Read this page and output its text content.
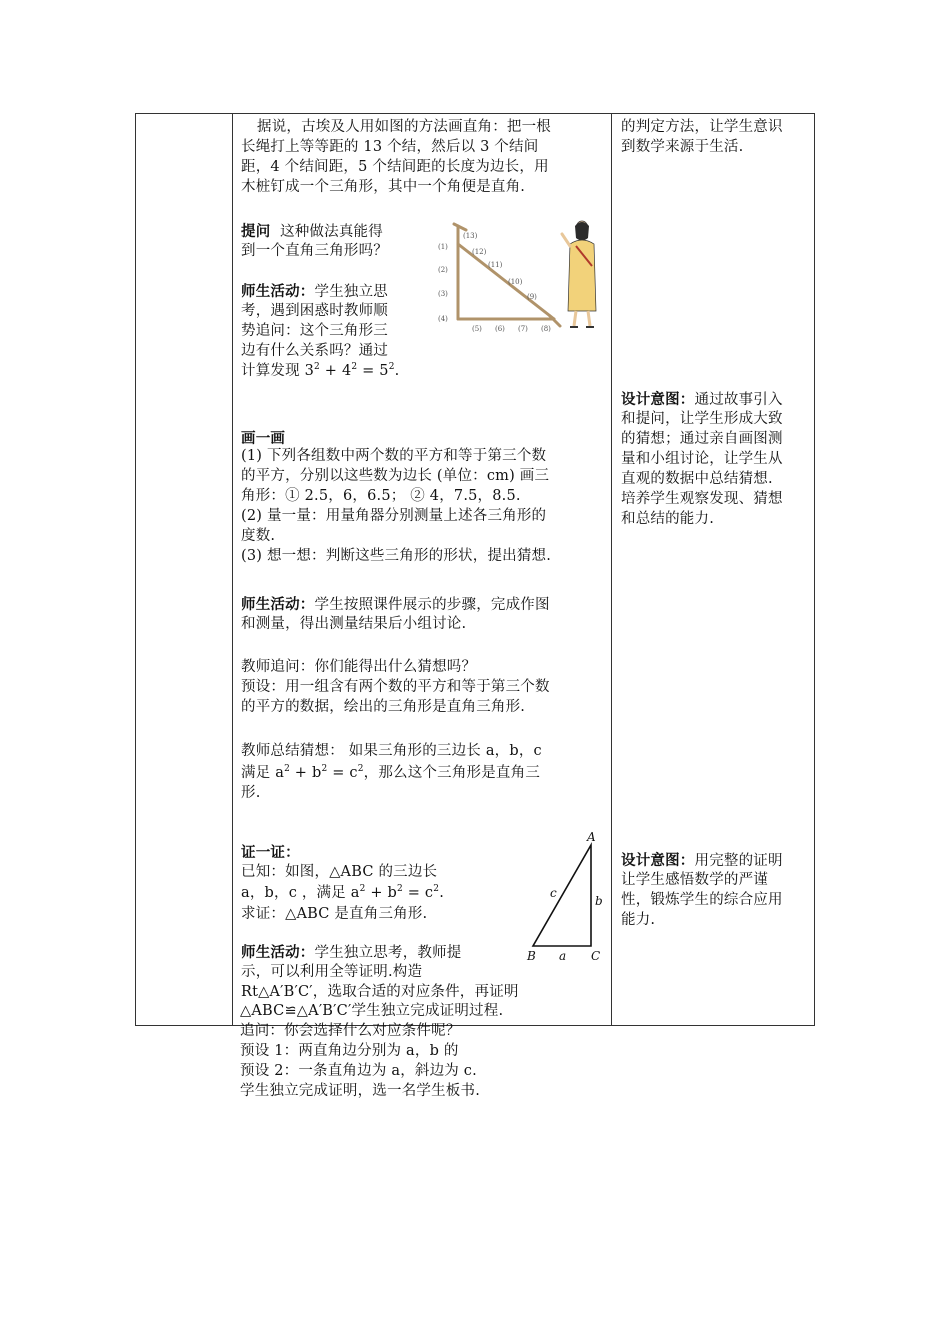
据说，古埃及人用如图的方法画直角：把一根
长绳打上等等距的 13 个结，然后以 3 个结间
距，4 个结间距，5 个结间距的长度为边长，用
木桩钉成一个三角形，其中一个角便是直角.
提问 这种做法真能得
到一个直角三角形吗？
师生活动：学生独立思
考，遇到困惑时教师顺
势追问：这个三角形三
边有什么关系吗？通过
计算发现 $3^2 + 4^2 = 5^2$.
(1)
(2)
(3)
(4)
(5) (6) (7) (8)
(13)
(12)
(11)
(10)
(9)
画一画
(1) 下列各组数中两个数的平方和等于第三个数
的平方，分别以这些数为边长 (单位：cm) 画三
角形：① 2.5，6，6.5； ② 4，7.5，8.5.
(2) 量一量：用量角器分别测量上述各三角形的
度数.
(3) 想一想：判断这些三角形的形状，提出猜想.
师生活动：学生按照课件展示的步骤，完成作图
和测量，得出测量结果后小组讨论.
教师追问：你们能得出什么猜想吗？
预设：用一组含有两个数的平方和等于第三个数
的平方的数据，绘出的三角形是直角三角形.
教师总结猜想： 如果三角形的三边长 a，b，c
满足 $a^2 + b^2 = c^2$，那么这个三角形是直角三
形.
证一证：
已知：如图，△ABC 的三边长
a，b，c ，满足 $a^2 + b^2 = c^2$.
求证：△ABC 是直角三角形.
A
B	C
a
b
c
师生活动：学生独立思考，教师提
示，可以利用全等证明.构造
Rt△A′B′C′，选取合适的对应条件，再证明
的判定方法，让学生意识
到数学来源于生活.
设计意图：通过故事引入
和提问，让学生形成大致
的猜想；通过亲自画图测
量和小组讨论，让学生从
直观的数据中总结猜想.
培养学生观察发现、猜想
和总结的能力.
设计意图：用完整的证明
让学生感悟数学的严谨
性，锻炼学生的综合应用
能力.
△ABC≌△A′B′C′学生独立完成证明过程.
追问：你会选择什么对应条件呢？
预设 1：两直角边分别为 a，b 的
预设 2：一条直角边为 a，斜边为 c.
学生独立完成证明，选一名学生板书.
